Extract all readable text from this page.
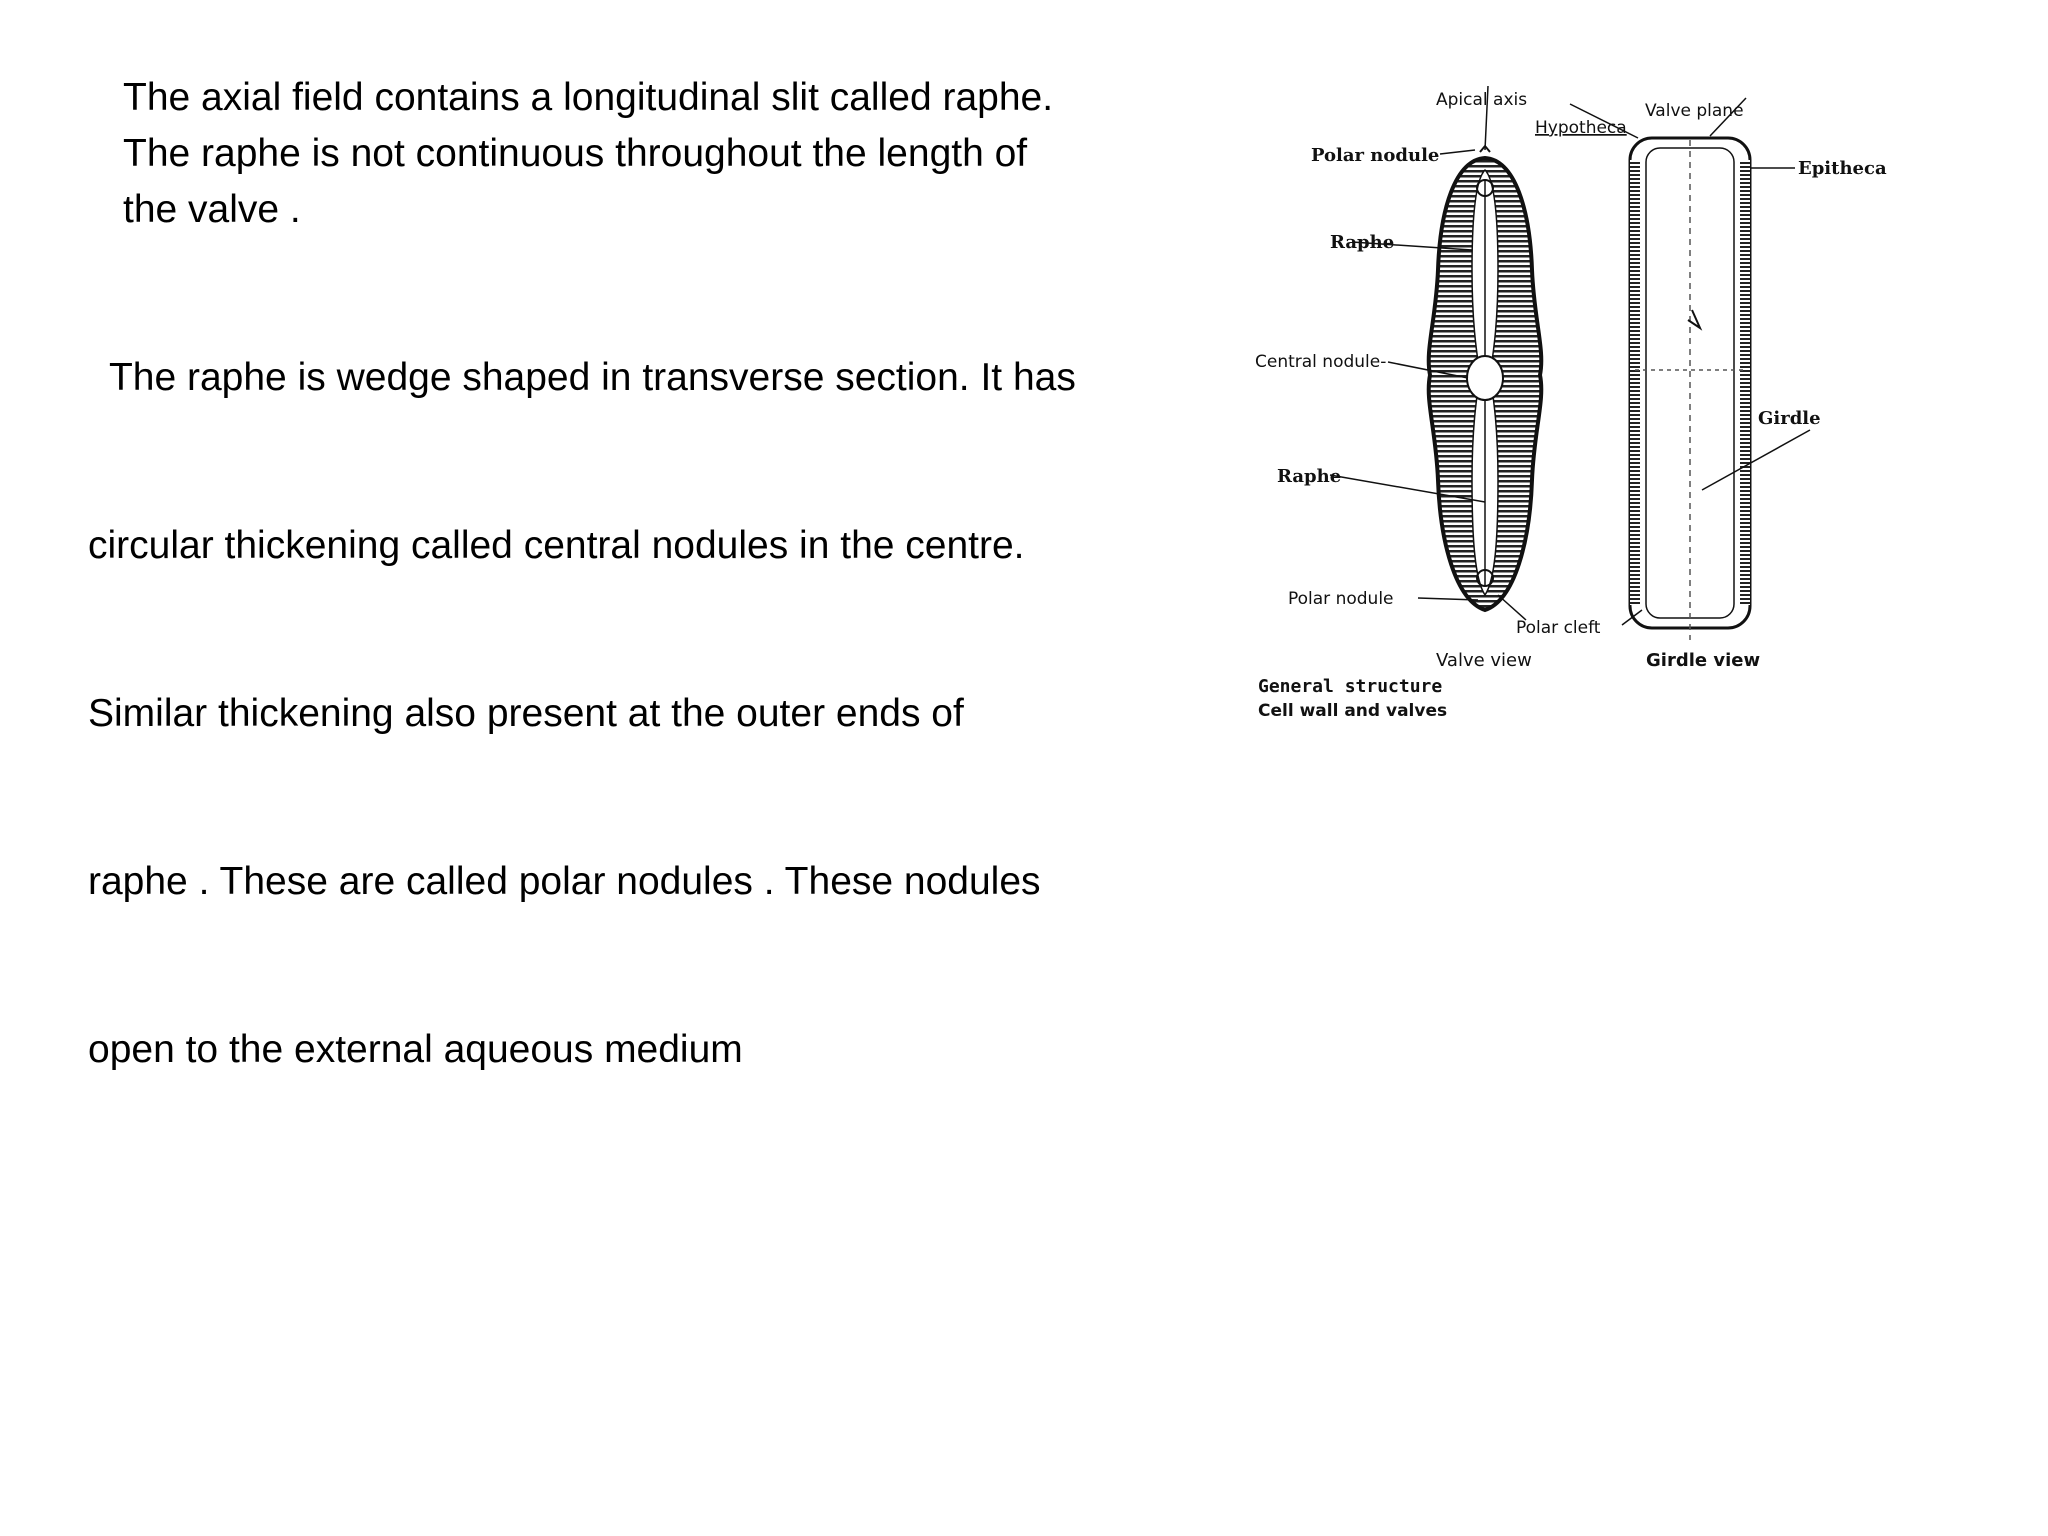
The axial field contains a longitudinal slit called raphe.
The raphe is not continuous throughout the length of
the valve .

The raphe is wedge shaped in transverse section. It has

circular thickening called central nodules in the centre.

Similar thickening also present at the outer ends of

raphe . These are called polar nodules . These nodules

open to the external aqueous medium

Apical axis
Valve plane
Hypotheca
Polar nodule
Epitheca
Raphe
Central nodule-
Girdle
Raphe
Polar nodule
Polar cleft
Valve view	Girdle view
General structure
Cell wall and valves
